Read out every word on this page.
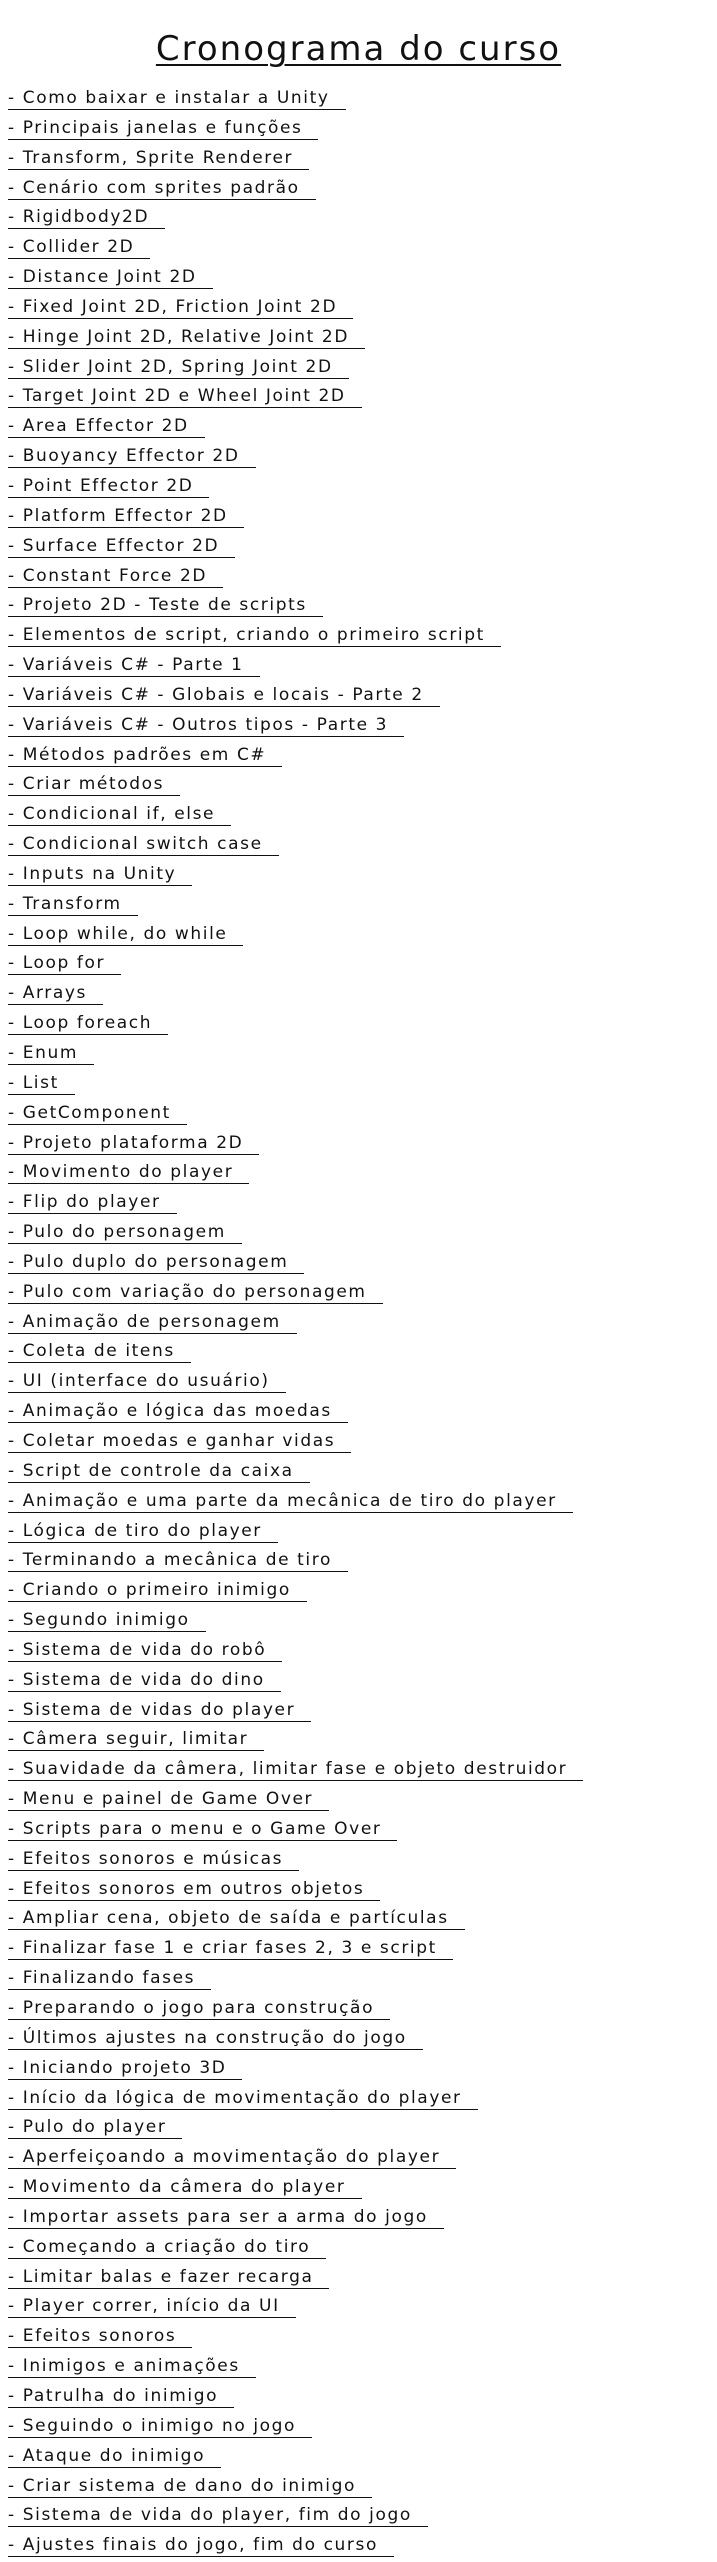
Cronograma do curso
- Como baixar e instalar a Unity
- Principais janelas e funções
- Transform, Sprite Renderer
- Cenário com sprites padrão
- Rigidbody2D
- Collider 2D
- Distance Joint 2D
- Fixed Joint 2D, Friction Joint 2D
- Hinge Joint 2D, Relative Joint 2D
- Slider Joint 2D, Spring Joint 2D
- Target Joint 2D e Wheel Joint 2D
- Area Effector 2D
- Buoyancy Effector 2D
- Point Effector 2D
- Platform Effector 2D
- Surface Effector 2D
- Constant Force 2D
- Projeto 2D - Teste de scripts
- Elementos de script, criando o primeiro script
- Variáveis C# - Parte 1
- Variáveis C# - Globais e locais - Parte 2
- Variáveis C# - Outros tipos - Parte 3
- Métodos padrões em C#
- Criar métodos
- Condicional if, else
- Condicional switch case
- Inputs na Unity
- Transform
- Loop while, do while
- Loop for
- Arrays
- Loop foreach
- Enum
- List
- GetComponent
- Projeto plataforma 2D
- Movimento do player
- Flip do player
- Pulo do personagem
- Pulo duplo do personagem
- Pulo com variação do personagem
- Animação de personagem
- Coleta de itens
- UI (interface do usuário)
- Animação e lógica das moedas
- Coletar moedas e ganhar vidas
- Script de controle da caixa
- Animação e uma parte da mecânica de tiro do player
- Lógica de tiro do player
- Terminando a mecânica de tiro
- Criando o primeiro inimigo
- Segundo inimigo
- Sistema de vida do robô
- Sistema de vida do dino
- Sistema de vidas do player
- Câmera seguir, limitar
- Suavidade da câmera, limitar fase e objeto destruidor
- Menu e painel de Game Over
- Scripts para o menu e o Game Over
- Efeitos sonoros e músicas
- Efeitos sonoros em outros objetos
- Ampliar cena, objeto de saída e partículas
- Finalizar fase 1 e criar fases 2, 3 e script
- Finalizando fases
- Preparando o jogo para construção
- Últimos ajustes na construção do jogo
- Iniciando projeto 3D
- Início da lógica de movimentação do player
- Pulo do player
- Aperfeiçoando a movimentação do player
- Movimento da câmera do player
- Importar assets para ser a arma do jogo
- Começando a criação do tiro
- Limitar balas e fazer recarga
- Player correr, início da UI
- Efeitos sonoros
- Inimigos e animações
- Patrulha do inimigo
- Seguindo o inimigo no jogo
- Ataque do inimigo
- Criar sistema de dano do inimigo
- Sistema de vida do player, fim do jogo
- Ajustes finais do jogo, fim do curso
